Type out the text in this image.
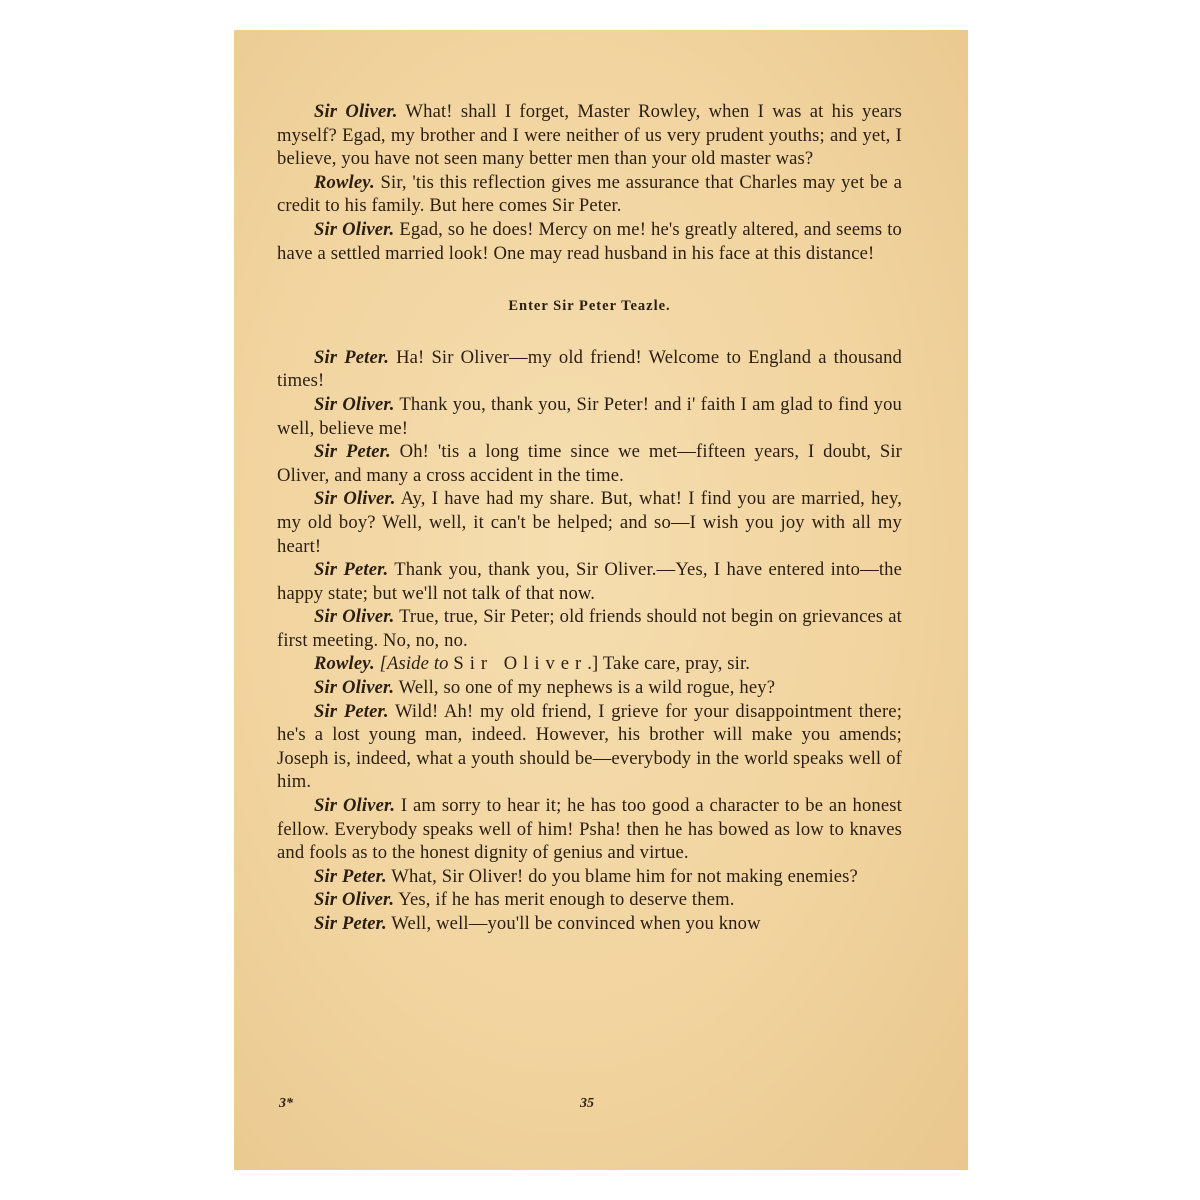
Sir Oliver. What! shall I forget, Master Rowley, when I was at his years myself? Egad, my brother and I were neither of us very prudent youths; and yet, I believe, you have not seen many better men than your old master was?

Rowley. Sir, 'tis this reflection gives me assurance that Charles may yet be a credit to his family. But here comes Sir Peter.

Sir Oliver. Egad, so he does! Mercy on me! he's greatly altered, and seems to have a settled married look! One may read husband in his face at this distance!

Enter Sir Peter Teazle.

Sir Peter. Ha! Sir Oliver—my old friend! Welcome to England a thousand times!

Sir Oliver. Thank you, thank you, Sir Peter! and i' faith I am glad to find you well, believe me!

Sir Peter. Oh! 'tis a long time since we met—fifteen years, I doubt, Sir Oliver, and many a cross accident in the time.

Sir Oliver. Ay, I have had my share. But, what! I find you are married, hey, my old boy? Well, well, it can't be helped; and so—I wish you joy with all my heart!

Sir Peter. Thank you, thank you, Sir Oliver.—Yes, I have entered into—the happy state; but we'll not talk of that now.

Sir Oliver. True, true, Sir Peter; old friends should not begin on grievances at first meeting. No, no, no.

Rowley. [Aside to Sir Oliver.] Take care, pray, sir.

Sir Oliver. Well, so one of my nephews is a wild rogue, hey?

Sir Peter. Wild! Ah! my old friend, I grieve for your disappointment there; he's a lost young man, indeed. However, his brother will make you amends; Joseph is, indeed, what a youth should be—everybody in the world speaks well of him.

Sir Oliver. I am sorry to hear it; he has too good a character to be an honest fellow. Everybody speaks well of him! Psha! then he has bowed as low to knaves and fools as to the honest dignity of genius and virtue.

Sir Peter. What, Sir Oliver! do you blame him for not making enemies?

Sir Oliver. Yes, if he has merit enough to deserve them.

Sir Peter. Well, well—you'll be convinced when you know

3*	35
